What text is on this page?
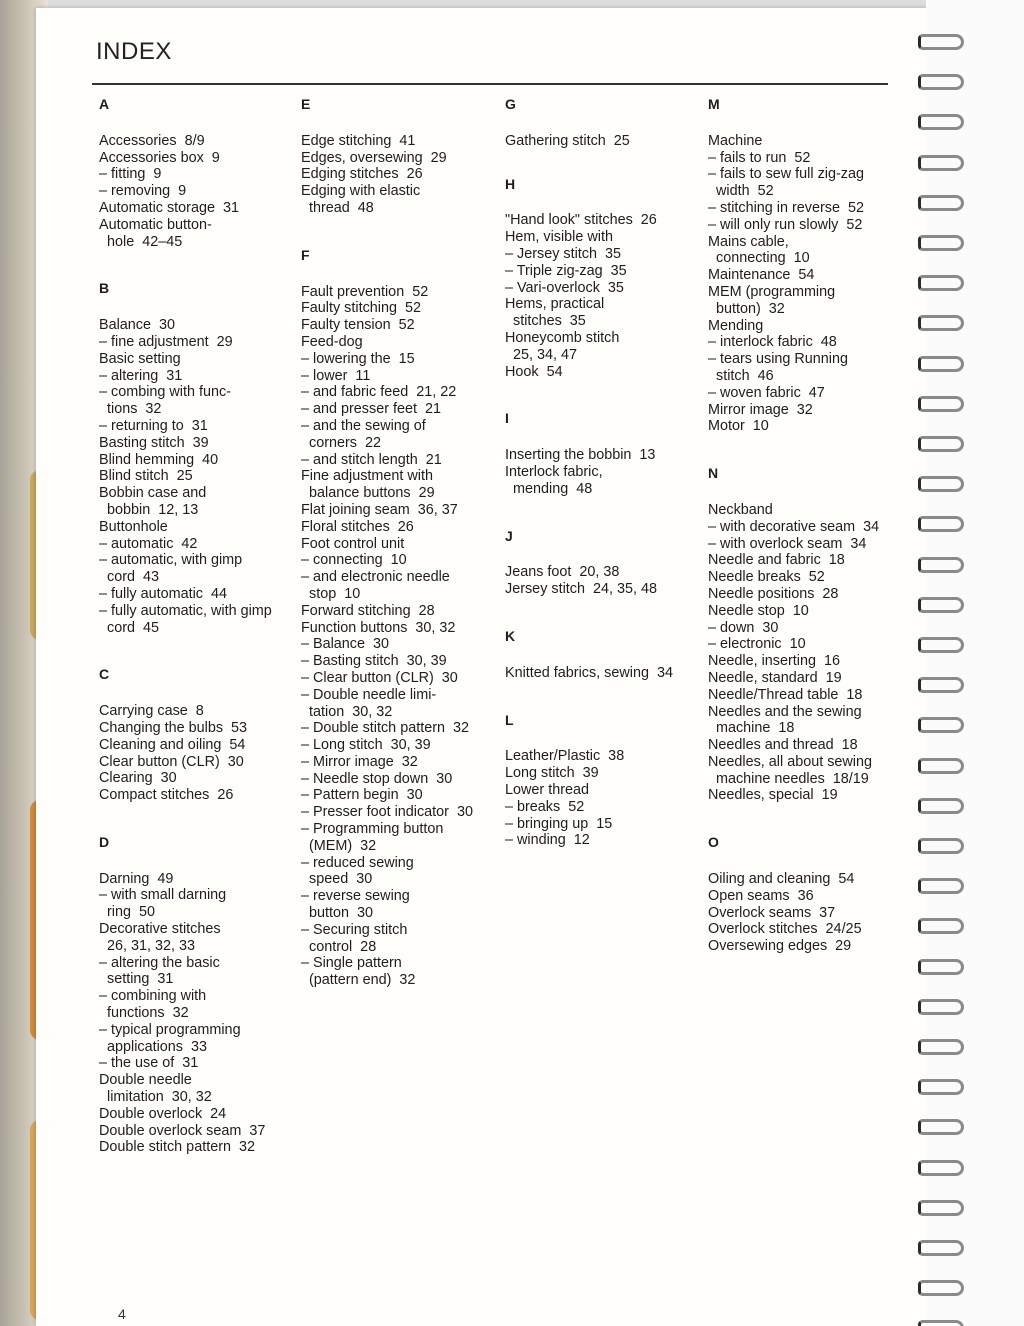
INDEX
A
Accessories  8/9
Accessories box  9
– fitting  9
– removing  9
Automatic storage  31
Automatic button-
hole  42–45
B
Balance  30
– fine adjustment  29
Basic setting
– altering  31
– combing with func-
tions  32
– returning to  31
Basting stitch  39
Blind hemming  40
Blind stitch  25
Bobbin case and
bobbin  12, 13
Buttonhole
– automatic  42
– automatic, with gimp
cord  43
– fully automatic  44
– fully automatic, with gimp
cord  45
C
Carrying case  8
Changing the bulbs  53
Cleaning and oiling  54
Clear button (CLR)  30
Clearing  30
Compact stitches  26
D
Darning  49
– with small darning
ring  50
Decorative stitches
26, 31, 32, 33
– altering the basic
setting  31
– combining with
functions  32
– typical programming
applications  33
– the use of  31
Double needle
limitation  30, 32
Double overlock  24
Double overlock seam  37
Double stitch pattern  32
E
Edge stitching  41
Edges, oversewing  29
Edging stitches  26
Edging with elastic
thread  48
F
Fault prevention  52
Faulty stitching  52
Faulty tension  52
Feed-dog
– lowering the  15
– lower  11
– and fabric feed  21, 22
– and presser feet  21
– and the sewing of
corners  22
– and stitch length  21
Fine adjustment with
balance buttons  29
Flat joining seam  36, 37
Floral stitches  26
Foot control unit
– connecting  10
– and electronic needle
stop  10
Forward stitching  28
Function buttons  30, 32
– Balance  30
– Basting stitch  30, 39
– Clear button (CLR)  30
– Double needle limi-
tation  30, 32
– Double stitch pattern  32
– Long stitch  30, 39
– Mirror image  32
– Needle stop down  30
– Pattern begin  30
– Presser foot indicator  30
– Programming button
(MEM)  32
– reduced sewing
speed  30
– reverse sewing
button  30
– Securing stitch
control  28
– Single pattern
(pattern end)  32
G
Gathering stitch  25
H
"Hand look" stitches  26
Hem, visible with
– Jersey stitch  35
– Triple zig-zag  35
– Vari-overlock  35
Hems, practical
stitches  35
Honeycomb stitch
25, 34, 47
Hook  54
I
Inserting the bobbin  13
Interlock fabric,
mending  48
J
Jeans foot  20, 38
Jersey stitch  24, 35, 48
K
Knitted fabrics, sewing  34
L
Leather/Plastic  38
Long stitch  39
Lower thread
– breaks  52
– bringing up  15
– winding  12
M
Machine
– fails to run  52
– fails to sew full zig-zag
width  52
– stitching in reverse  52
– will only run slowly  52
Mains cable,
connecting  10
Maintenance  54
MEM (programming
button)  32
Mending
– interlock fabric  48
– tears using Running
stitch  46
– woven fabric  47
Mirror image  32
Motor  10
N
Neckband
– with decorative seam  34
– with overlock seam  34
Needle and fabric  18
Needle breaks  52
Needle positions  28
Needle stop  10
– down  30
– electronic  10
Needle, inserting  16
Needle, standard  19
Needle/Thread table  18
Needles and the sewing
machine  18
Needles and thread  18
Needles, all about sewing
machine needles  18/19
Needles, special  19
O
Oiling and cleaning  54
Open seams  36
Overlock seams  37
Overlock stitches  24/25
Oversewing edges  29
4
